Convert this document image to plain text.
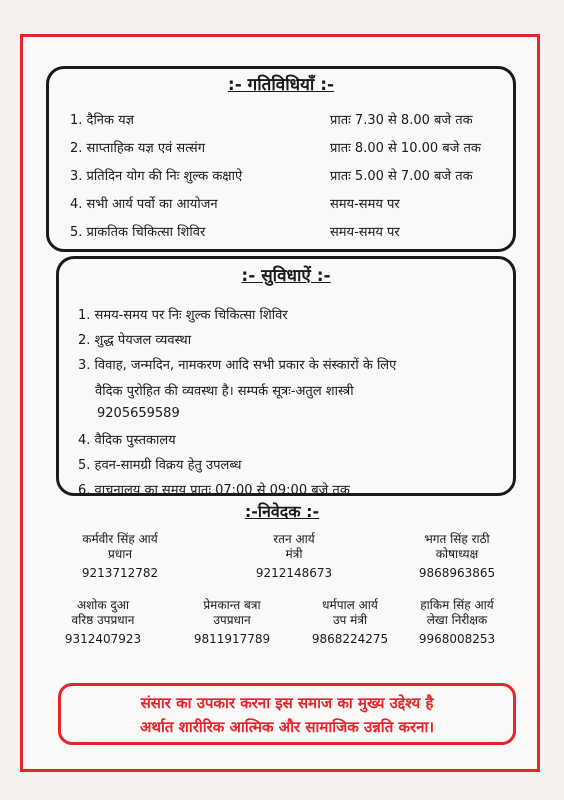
:- गतिविधियाँ :-
1. दैनिक यज्ञ	प्रातः 7.30 से 8.00 बजे तक
2. साप्ताहिक यज्ञ एवं सत्संग	प्रातः 8.00 से 10.00 बजे तक
3. प्रतिदिन योग की निः शुल्क कक्षाऐ	प्रातः 5.00 से 7.00 बजे तक
4. सभी आर्य पर्वो का आयोजन	समय-समय पर
5. प्राकतिक चिकित्सा शिविर	समय-समय पर
:- सुविधाऐं :-
1. समय-समय पर निः शुल्क चिकित्सा शिविर
2. शुद्ध पेयजल व्यवस्था
3. विवाह, जन्मदिन, नामकरण आदि सभी प्रकार के संस्कारों के लिए
वैदिक पुरोहित की व्यवस्था है। सम्पर्क सूत्रः-अतुल शास्त्री
9205659589
4. वैदिक पुस्तकालय
5. हवन-सामग्री विक्रय हेतु उपलब्ध
6. वाचनालय का समय प्रातः 07:00 से 09:00 बजे तक
:-निवेदक :-
कर्मवीर सिंह आर्य
प्रधान
9213712782
रतन आर्य
मंत्री
9212148673
भगत सिंह राठी
कोषाध्यक्ष
9868963865
अशोक दुआ
वरिष्ठ उपप्रधान
9312407923
प्रेमकान्त बत्रा
उपप्रधान
9811917789
धर्मपाल आर्य
उप मंत्री
9868224275
हाकिम सिंह आर्य
लेखा निरीक्षक
9968008253
संसार का उपकार करना इस समाज का मुख्य उद्देश्य है
अर्थात शारीरिक आत्मिक और सामाजिक उन्नति करना।
